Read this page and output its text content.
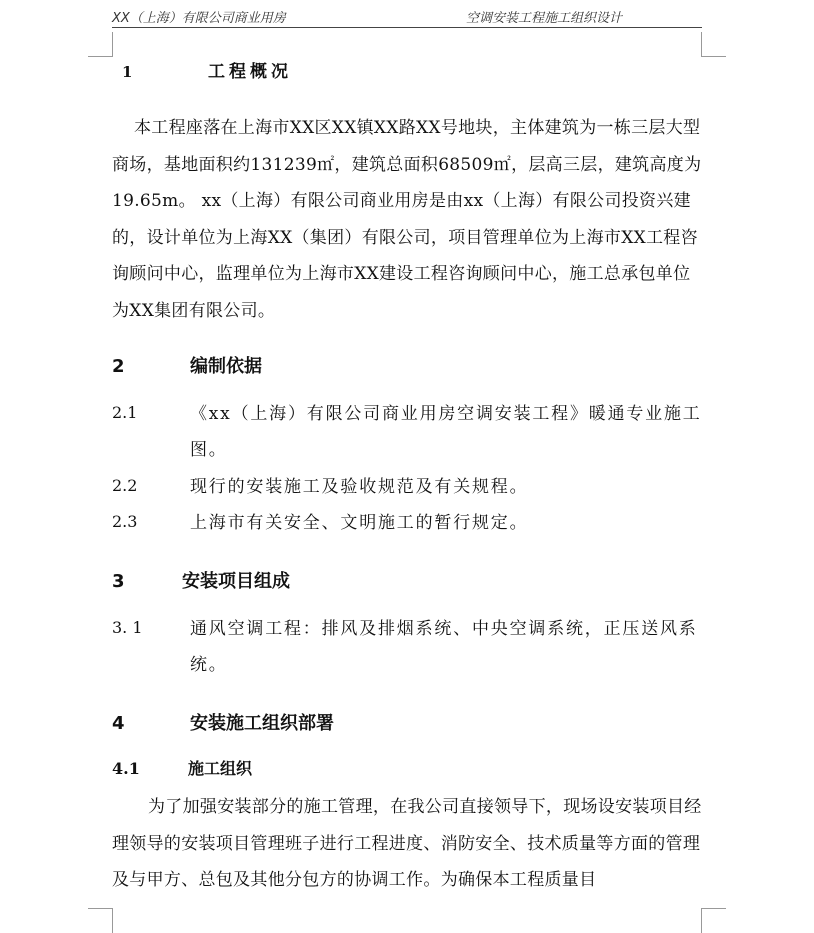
XX（上海）有限公司商业用房	空调安装工程施工组织设计
1	工程概况

本工程座落在上海市XX区XX镇XX路XX号地块，主体建筑为一栋三层大型商场，基地面积约131239㎡，建筑总面积68509㎡，层高三层，建筑高度为19.65m。 xx（上海）有限公司商业用房是由xx（上海）有限公司投资兴建的，设计单位为上海XX（集团）有限公司，项目管理单位为上海市XX工程咨询顾问中心，监理单位为上海市XX建设工程咨询顾问中心，施工总承包单位为XX集团有限公司。

2	编制依据
2.1	《xx（上海）有限公司商业用房空调安装工程》暖通专业施工图。
2.2	现行的安装施工及验收规范及有关规程。
2.3	上海市有关安全、文明施工的暂行规定。
3	安装项目组成
3. 1	通风空调工程：排风及排烟系统、中央空调系统，正压送风系统。
4	安装施工组织部署
4.1	施工组织

为了加强安装部分的施工管理，在我公司直接领导下，现场设安装项目经理领导的安装项目管理班子进行工程进度、消防安全、技术质量等方面的管理及与甲方、总包及其他分包方的协调工作。为确保本工程质量目
